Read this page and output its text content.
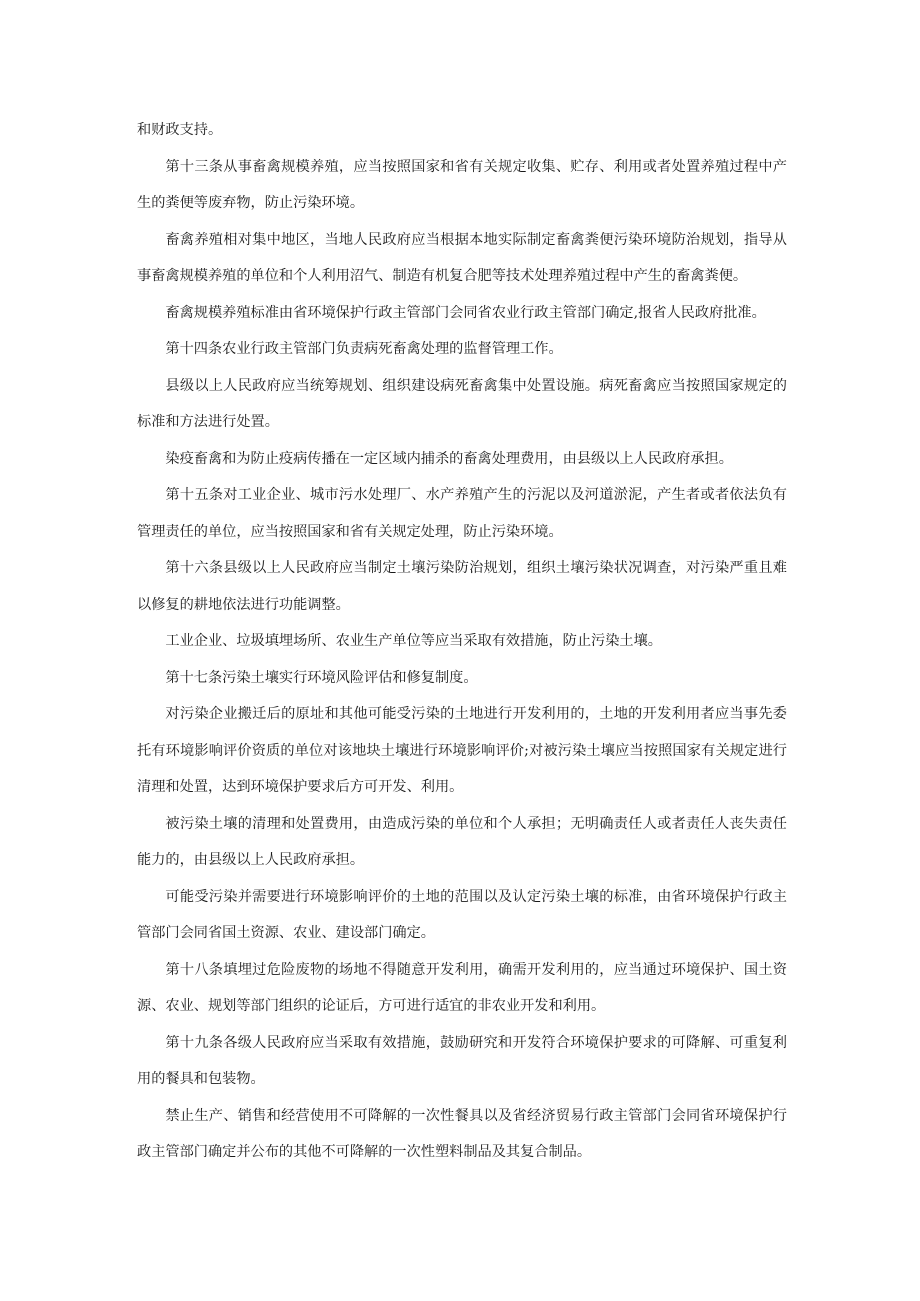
和财政支持。

第十三条从事畜禽规模养殖，应当按照国家和省有关规定收集、贮存、利用或者处置养殖过程中产生的粪便等废弃物，防止污染环境。

畜禽养殖相对集中地区，当地人民政府应当根据本地实际制定畜禽粪便污染环境防治规划，指导从事畜禽规模养殖的单位和个人利用沼气、制造有机复合肥等技术处理养殖过程中产生的畜禽粪便。

畜禽规模养殖标准由省环境保护行政主管部门会同省农业行政主管部门确定,报省人民政府批准。

第十四条农业行政主管部门负责病死畜禽处理的监督管理工作。

县级以上人民政府应当统筹规划、组织建设病死畜禽集中处置设施。病死畜禽应当按照国家规定的标准和方法进行处置。

染疫畜禽和为防止疫病传播在一定区域内捕杀的畜禽处理费用，由县级以上人民政府承担。

第十五条对工业企业、城市污水处理厂、水产养殖产生的污泥以及河道淤泥，产生者或者依法负有管理责任的单位，应当按照国家和省有关规定处理，防止污染环境。

第十六条县级以上人民政府应当制定土壤污染防治规划，组织土壤污染状况调查，对污染严重且难以修复的耕地依法进行功能调整。

工业企业、垃圾填埋场所、农业生产单位等应当采取有效措施，防止污染土壤。

第十七条污染土壤实行环境风险评估和修复制度。

对污染企业搬迁后的原址和其他可能受污染的土地进行开发利用的，土地的开发利用者应当事先委托有环境影响评价资质的单位对该地块土壤进行环境影响评价;对被污染土壤应当按照国家有关规定进行清理和处置，达到环境保护要求后方可开发、利用。

被污染土壤的清理和处置费用，由造成污染的单位和个人承担；无明确责任人或者责任人丧失责任能力的，由县级以上人民政府承担。

可能受污染并需要进行环境影响评价的土地的范围以及认定污染土壤的标准，由省环境保护行政主管部门会同省国土资源、农业、建设部门确定。

第十八条填埋过危险废物的场地不得随意开发利用，确需开发利用的，应当通过环境保护、国土资源、农业、规划等部门组织的论证后，方可进行适宜的非农业开发和利用。

第十九条各级人民政府应当采取有效措施，鼓励研究和开发符合环境保护要求的可降解、可重复利用的餐具和包装物。

禁止生产、销售和经营使用不可降解的一次性餐具以及省经济贸易行政主管部门会同省环境保护行政主管部门确定并公布的其他不可降解的一次性塑料制品及其复合制品。
